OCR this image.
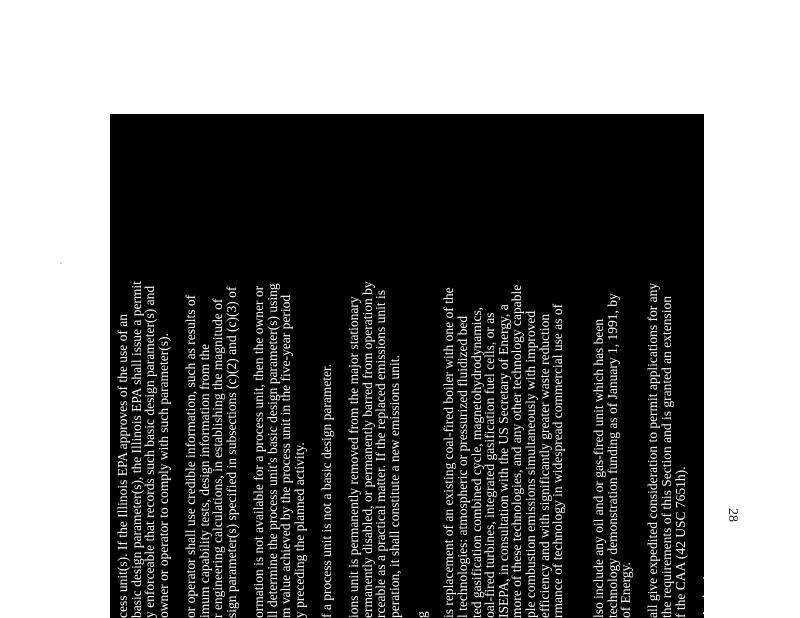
cess unit(s). If the Illinois EPA approves of the use of an
basic design parameter(s), the Illinois EPA shall issue a permit
y enforceable that records such basic design parameter(s) and
owner or operator to comply with such parameter(s). or operator shall use credible information, such as results of
imum capability tests, design information from the
r engineering calculations, in establishing the magnitude of
sign parameter(s) specified in subsections (c)(2) and (c)(3) of ormation is not available for a process unit, then the owner or
ll determine the process unit's basic design parameter(s) using
m value achieved by the process unit in the five-year period
y preceding the planned activity. f a process unit is not a basic design parameter. ions unit is permanently removed from the major stationary
ermanently disabled, or permanently barred from operation by
rceable as a practical matter. If the replaced emissions unit is
peration, it shall constitute a new emissions unit. g is replacement of an existing coal-fired boiler with one of the
l technologies: atmospheric or pressurized fluidized bed
ted gasification combined cycle, magnetohydrodynamics,
oal-fired turbines, integrated gasification fuel cells, or as
ISEPA, in consultation with the US Secretary of Energy, a
more of these technologies, and any other technology capable
ple combustion emissions simultaneously with improved
efficiency and with significantly greater waste reduction
rmance of technology in widespread commercial use as of lso include any oil and or gas-fired unit which has been
technology demonstration funding as of January 1, 1991, by
of Energy. all give expedited consideration to permit applications for any
the requirements of this Section and is granted an extension
f the CAA (42 USC 7651h). Authority
28
